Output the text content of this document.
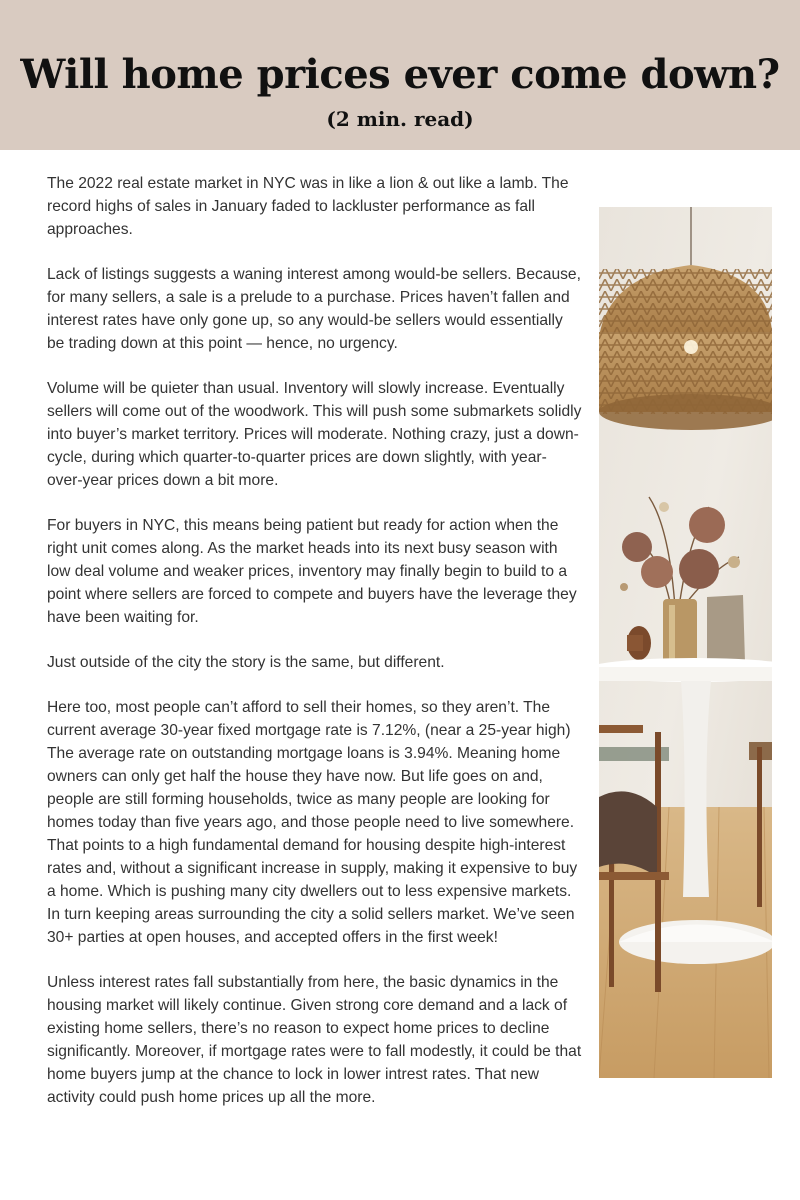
Will home prices ever come down?
(2 min. read)

The 2022 real estate market in NYC was in like a lion & out like a lamb. The record highs of sales in January faded to lackluster performance as fall approaches.

Lack of listings suggests a waning interest among would-be sellers. Because, for many sellers, a sale is a prelude to a purchase. Prices haven’t fallen and interest rates have only gone up, so any would-be sellers would essentially be trading down at this point — hence, no urgency.

Volume will be quieter than usual. Inventory will slowly increase. Eventually sellers will come out of the woodwork. This will push some submarkets solidly into buyer’s market territory. Prices will moderate. Nothing crazy, just a down-cycle, during which quarter-to-quarter prices are down slightly, with year-over-year prices down a bit more.

For buyers in NYC, this means being patient but ready for action when the right unit comes along. As the market heads into its next busy season with low deal volume and weaker prices, inventory may finally begin to build to a point where sellers are forced to compete and buyers have the leverage they have been waiting for.

Just outside of the city the story is the same, but different.

Here too, most people can’t afford to sell their homes, so they aren’t. The current average 30-year fixed mortgage rate is 7.12%, (near a 25-year high) The average rate on outstanding mortgage loans is 3.94%. Meaning home owners can only get half the house they have now. But life goes on and, people are still forming households, twice as many people are looking for homes today than five years ago, and those people need to live somewhere. That points to a high fundamental demand for housing despite high-interest rates and, without a significant increase in supply, making it expensive to buy a home. Which is pushing many city dwellers out to less expensive markets. In turn keeping areas surrounding the city a solid sellers market. We’ve seen 30+ parties at open houses, and accepted offers in the first week!

Unless interest rates fall substantially from here, the basic dynamics in the housing market will likely continue. Given strong core demand and a lack of existing home sellers, there’s no reason to expect home prices to decline significantly. Moreover, if mortgage rates were to fall modestly, it could be that home buyers jump at the chance to lock in lower intrest rates. That new activity could push home prices up all the more.
